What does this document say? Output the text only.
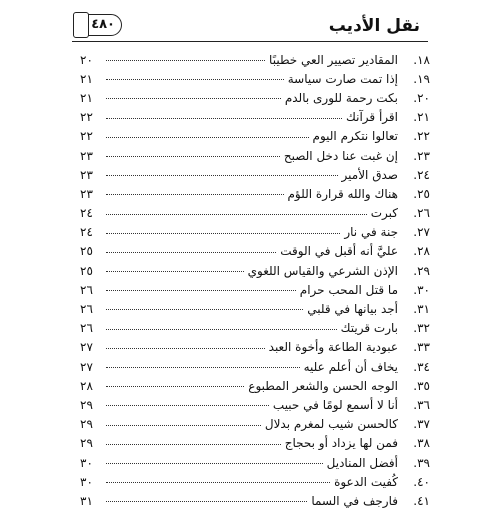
نقل الأديب
٤٨٠
١٨.
المقادير تصيير العي خطيبًا
٢٠
١٩.
إذا تمت صارت سياسة
٢١
٢٠.
بكت رحمة للورى بالدم
٢١
٢١.
اقرأ قرآنك
٢٢
٢٢.
تعالوا نتكرم اليوم
٢٢
٢٣.
إن غبت عنا دخل الصبح
٢٣
٢٤.
صدق الأمير
٢٣
٢٥.
هناك والله قرارة اللؤم
٢٣
٢٦.
كبرت
٢٤
٢٧.
جنة في نار
٢٤
٢٨.
عليَّ أنه أقبل في الوقت
٢٥
٢٩.
الإذن الشرعي والقياس اللغوي
٢٥
٣٠.
ما قتل المحب حرام
٢٦
٣١.
أجد بيانها في قلبي
٢٦
٣٢.
بارت قريتك
٢٦
٣٣.
عبودية الطاعة وأخوة العبد
٢٧
٣٤.
يخاف أن أعلم عليه
٢٧
٣٥.
الوجه الحسن والشعر المطبوع
٢٨
٣٦.
أنا لا أسمع لومًا في حبيب
٢٩
٣٧.
كالحسن شيب لمغرم بدلال
٢٩
٣٨.
فمن لها يزداد أو بحجاج
٢٩
٣٩.
أفضل المناديل
٣٠
٤٠.
كُفيت الدعوة
٣٠
٤١.
فارجف في السما
٣١
